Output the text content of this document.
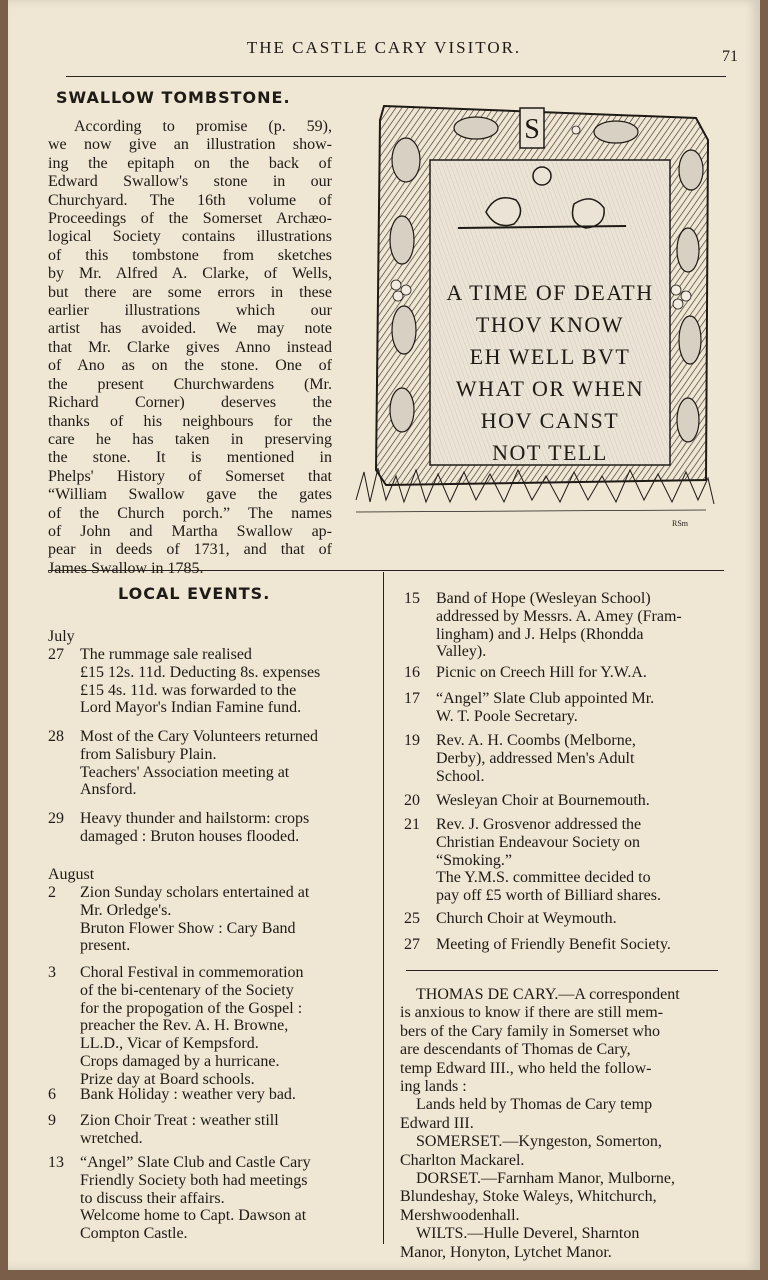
THE CASTLE CARY VISITOR.	71
SWALLOW TOMBSTONE.

According to promise (p. 59),

we now give an illustration show-

ing the epitaph on the back of

Edward Swallow's stone in our

Churchyard. The 16th volume of

Proceedings of the Somerset Archæo-

logical Society contains illustrations

of this tombstone from sketches

by Mr. Alfred A. Clarke, of Wells,

but there are some errors in these

earlier illustrations which our

artist has avoided. We may note

that Mr. Clarke gives Anno instead

of Ano as on the stone. One of

the present Churchwardens (Mr.

Richard Corner) deserves the

thanks of his neighbours for the

care he has taken in preserving

the stone. It is mentioned in

Phelps' History of Somerset that

“William Swallow gave the gates

of the Church porch.” The names

of John and Martha Swallow ap-

pear in deeds of 1731, and that of

James Swallow in 1785.

S
A TIME OF DEATH
THOV KNOW
EH WELL BVT
WHAT OR WHEN
HOV CANST
NOT TELL
RSm
LOCAL EVENTS.
July
27	The rummage sale realised

£15 12s. 11d. Deducting 8s. expenses

£15 4s. 11d. was forwarded to the

Lord Mayor's Indian Famine fund.

28	Most of the Cary Volunteers returned

from Salisbury Plain.

Teachers' Association meeting at

Ansford.

29	Heavy thunder and hailstorm: crops

damaged : Bruton houses flooded.

August
2	Zion Sunday scholars entertained at

Mr. Orledge's.

Bruton Flower Show : Cary Band

present.

3	Choral Festival in commemoration

of the bi-centenary of the Society

for the propogation of the Gospel :

preacher the Rev. A. H. Browne,

LL.D., Vicar of Kempsford.

Crops damaged by a hurricane.

Prize day at Board schools.

6	Bank Holiday : weather very bad.

9	Zion Choir Treat : weather still

wretched.

13	“Angel” Slate Club and Castle Cary

Friendly Society both had meetings

to discuss their affairs.

Welcome home to Capt. Dawson at

Compton Castle.

15	Band of Hope (Wesleyan School)

addressed by Messrs. A. Amey (Fram-

lingham) and J. Helps (Rhondda

Valley).

16	Picnic on Creech Hill for Y.W.A.

17	“Angel” Slate Club appointed Mr.

W. T. Poole Secretary.

19	Rev. A. H. Coombs (Melborne,

Derby), addressed Men's Adult

School.

20	Wesleyan Choir at Bournemouth.

21	Rev. J. Grosvenor addressed the

Christian Endeavour Society on

“Smoking.”

The Y.M.S. committee decided to

pay off £5 worth of Billiard shares.

25	Church Choir at Weymouth.

27	Meeting of Friendly Benefit Society.

THOMAS DE CARY.—A correspondent

is anxious to know if there are still mem-

bers of the Cary family in Somerset who

are descendants of Thomas de Cary,

temp Edward III., who held the follow-

ing lands :

Lands held by Thomas de Cary temp

Edward III.

SOMERSET.—Kyngeston, Somerton,

Charlton Mackarel.

DORSET.—Farnham Manor, Mulborne,

Blundeshay, Stoke Waleys, Whitchurch,

Mershwoodenhall.

WILTS.—Hulle Deverel, Sharnton

Manor, Honyton, Lytchet Manor.
